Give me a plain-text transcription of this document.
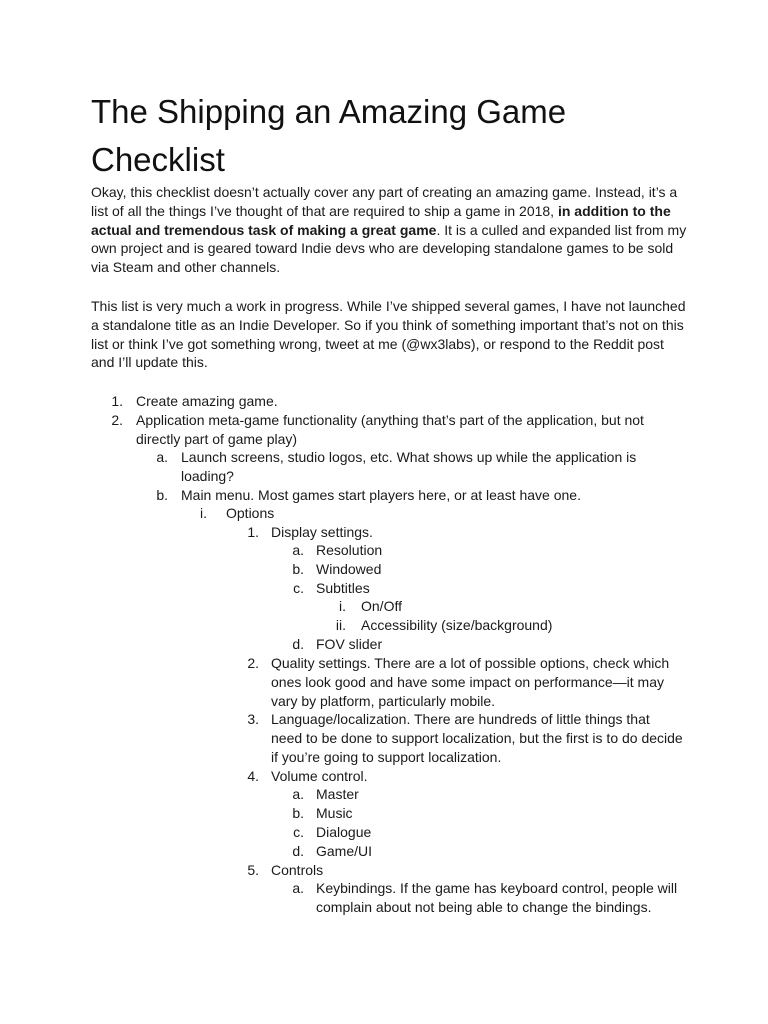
The Shipping an Amazing Game
Checklist

Okay, this checklist doesn’t actually cover any part of creating an amazing game. Instead, it’s a list of all the things I’ve thought of that are required to ship a game in 2018, in addition to the actual and tremendous task of making a great game. It is a culled and expanded list from my own project and is geared toward Indie devs who are developing standalone games to be sold via Steam and other channels.

This list is very much a work in progress. While I’ve shipped several games, I have not launched a standalone title as an Indie Developer. So if you think of something important that’s not on this list or think I’ve got something wrong, tweet at me (@wx3labs), or respond to the Reddit post and I’ll update this.

1. Create amazing game.
2. Application meta-game functionality (anything that’s part of the application, but not
directly part of game play)
a. Launch screens, studio logos, etc. What shows up while the application is
loading?
b. Main menu. Most games start players here, or at least have one.
i. Options
1. Display settings.
a. Resolution
b. Windowed
c. Subtitles
i. On/Off
ii. Accessibility (size/background)
d. FOV slider
2. Quality settings. There are a lot of possible options, check which
ones look good and have some impact on performance—it may
vary by platform, particularly mobile.
3. Language/localization. There are hundreds of little things that
need to be done to support localization, but the first is to do decide
if you’re going to support localization.
4. Volume control.
a. Master
b. Music
c. Dialogue
d. Game/UI
5. Controls
a. Keybindings. If the game has keyboard control, people will
complain about not being able to change the bindings.
